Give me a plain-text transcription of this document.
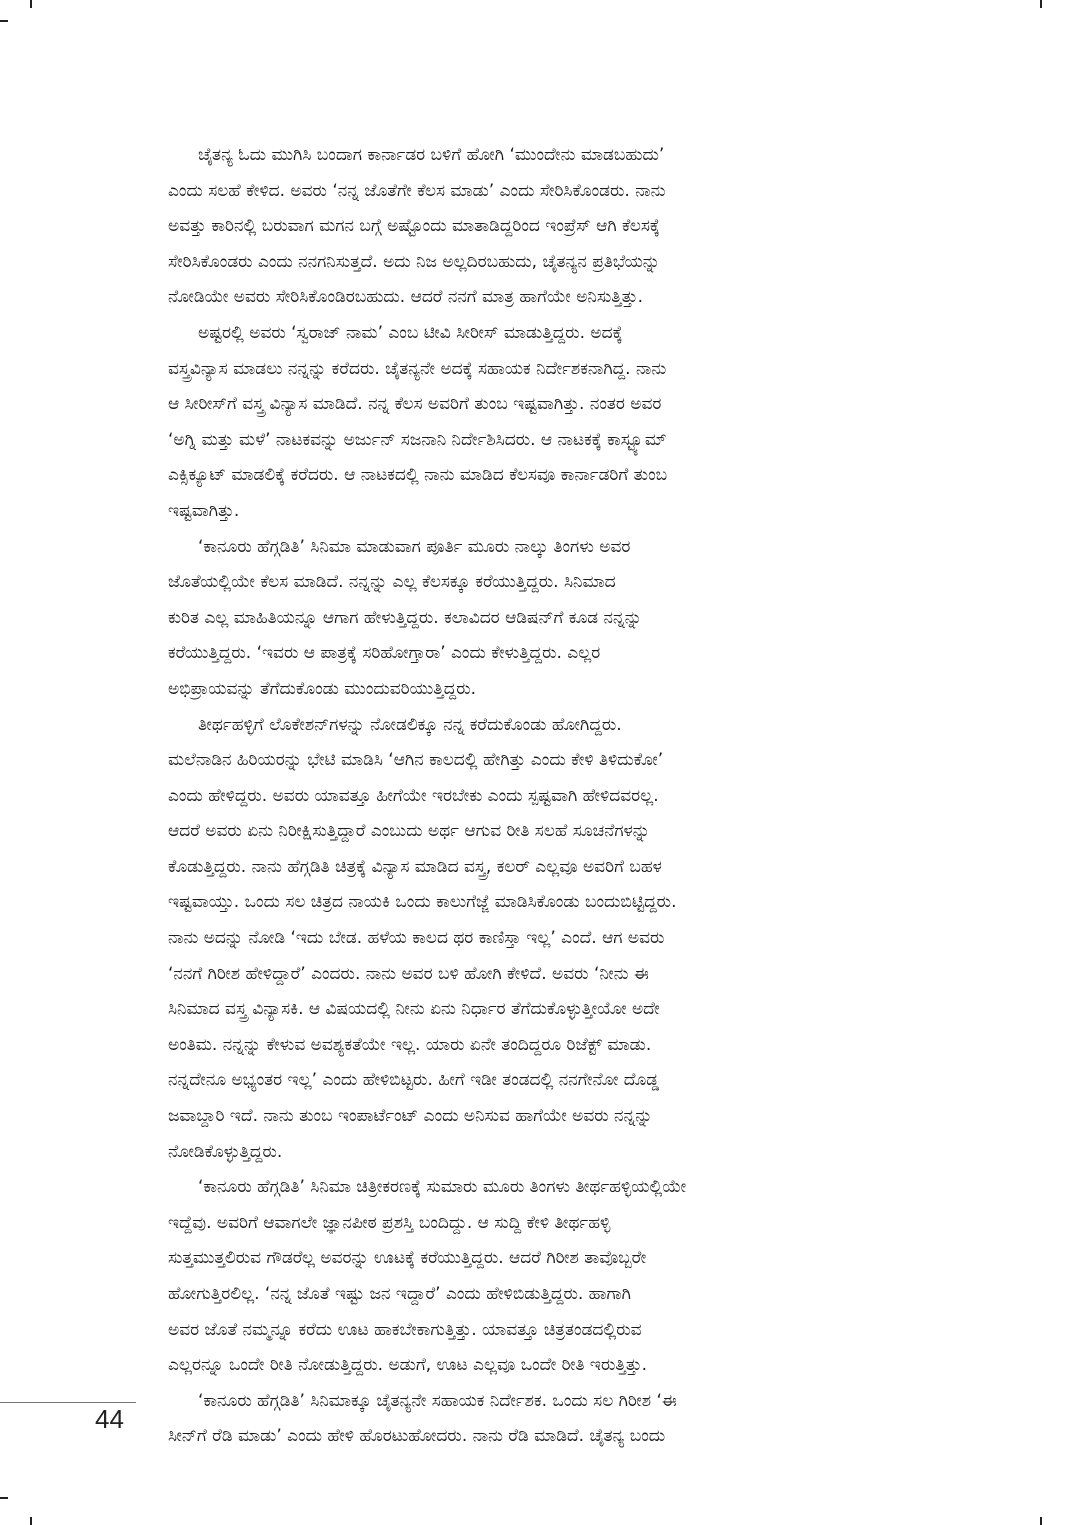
ಚೈತನ್ಯ ಓದು ಮುಗಿಸಿ ಬಂದಾಗ ಕಾರ್ನಾಡರ ಬಳಿಗೆ ಹೋಗಿ ‘ಮುಂದೇನು ಮಾಡಬಹುದು’
ಎಂದು ಸಲಹೆ ಕೇಳಿದ. ಅವರು ‘ನನ್ನ ಜೊತೆಗೇ ಕೆಲಸ ಮಾಡು’ ಎಂದು ಸೇರಿಸಿಕೊಂಡರು. ನಾನು
ಅವತ್ತು ಕಾರಿನಲ್ಲಿ ಬರುವಾಗ ಮಗನ ಬಗ್ಗೆ ಅಷ್ಟೊಂದು ಮಾತಾಡಿದ್ದರಿಂದ ಇಂಪ್ರೆಸ್ ಆಗಿ ಕೆಲಸಕ್ಕೆ
ಸೇರಿಸಿಕೊಂಡರು ಎಂದು ನನಗನಿಸುತ್ತದೆ. ಅದು ನಿಜ ಅಲ್ಲದಿರಬಹುದು, ಚೈತನ್ಯನ ಪ್ರತಿಭೆಯನ್ನು
ನೋಡಿಯೇ ಅವರು ಸೇರಿಸಿಕೊಂಡಿರಬಹುದು. ಆದರೆ ನನಗೆ ಮಾತ್ರ ಹಾಗೆಯೇ ಅನಿಸುತ್ತಿತ್ತು.

ಅಷ್ಟರಲ್ಲಿ ಅವರು ‘ಸ್ವರಾಜ್ ನಾಮ’ ಎಂಬ ಟೀವಿ ಸೀರೀಸ್ ಮಾಡುತ್ತಿದ್ದರು. ಅದಕ್ಕೆ
ವಸ್ತ್ರವಿನ್ಯಾಸ ಮಾಡಲು ನನ್ನನ್ನು ಕರೆದರು. ಚೈತನ್ಯನೇ ಅದಕ್ಕೆ ಸಹಾಯಕ ನಿರ್ದೇಶಕನಾಗಿದ್ದ. ನಾನು
ಆ ಸೀರೀಸ್‌ಗೆ ವಸ್ತ್ರ ವಿನ್ಯಾಸ ಮಾಡಿದೆ. ನನ್ನ ಕೆಲಸ ಅವರಿಗೆ ತುಂಬ ಇಷ್ಟವಾಗಿತ್ತು. ನಂತರ ಅವರ
‘ಅಗ್ನಿ ಮತ್ತು ಮಳೆ’ ನಾಟಕವನ್ನು ಅರ್ಜುನ್ ಸಜನಾನಿ ನಿರ್ದೇಶಿಸಿದರು. ಆ ನಾಟಕಕ್ಕೆ ಕಾಸ್ಟ್ಯೂಮ್
ಎಕ್ಸಿಕ್ಯೂಟ್ ಮಾಡಲಿಕ್ಕೆ ಕರೆದರು. ಆ ನಾಟಕದಲ್ಲಿ ನಾನು ಮಾಡಿದ ಕೆಲಸವೂ ಕಾರ್ನಾಡರಿಗೆ ತುಂಬ
ಇಷ್ಟವಾಗಿತ್ತು.

‘ಕಾನೂರು ಹೆಗ್ಗಡಿತಿ’ ಸಿನಿಮಾ ಮಾಡುವಾಗ ಪೂರ್ತಿ ಮೂರು ನಾಲ್ಕು ತಿಂಗಳು ಅವರ
ಜೊತೆಯಲ್ಲಿಯೇ ಕೆಲಸ ಮಾಡಿದೆ. ನನ್ನನ್ನು ಎಲ್ಲ ಕೆಲಸಕ್ಕೂ ಕರೆಯುತ್ತಿದ್ದರು. ಸಿನಿಮಾದ
ಕುರಿತ ಎಲ್ಲ ಮಾಹಿತಿಯನ್ನೂ ಆಗಾಗ ಹೇಳುತ್ತಿದ್ದರು. ಕಲಾವಿದರ ಆಡಿಷನ್‌ಗೆ ಕೂಡ ನನ್ನನ್ನು
ಕರೆಯುತ್ತಿದ್ದರು. ‘ಇವರು ಆ ಪಾತ್ರಕ್ಕೆ ಸರಿಹೋಗ್ತಾರಾ’ ಎಂದು ಕೇಳುತ್ತಿದ್ದರು. ಎಲ್ಲರ
ಅಭಿಪ್ರಾಯವನ್ನು ತೆಗೆದುಕೊಂಡು ಮುಂದುವರಿಯುತ್ತಿದ್ದರು.

ತೀರ್ಥಹಳ್ಳಿಗೆ ಲೊಕೇಶನ್‌ಗಳನ್ನು ನೋಡಲಿಕ್ಕೂ ನನ್ನ ಕರೆದುಕೊಂಡು ಹೋಗಿದ್ದರು.
ಮಲೆನಾಡಿನ ಹಿರಿಯರನ್ನು ಭೇಟಿ ಮಾಡಿಸಿ ‘ಆಗಿನ ಕಾಲದಲ್ಲಿ ಹೇಗಿತ್ತು ಎಂದು ಕೇಳಿ ತಿಳಿದುಕೋ’
ಎಂದು ಹೇಳಿದ್ದರು. ಅವರು ಯಾವತ್ತೂ ಹೀಗೆಯೇ ಇರಬೇಕು ಎಂದು ಸ್ಪಷ್ಟವಾಗಿ ಹೇಳಿದವರಲ್ಲ.
ಆದರೆ ಅವರು ಏನು ನಿರೀಕ್ಷಿಸುತ್ತಿದ್ದಾರೆ ಎಂಬುದು ಅರ್ಥ ಆಗುವ ರೀತಿ ಸಲಹೆ ಸೂಚನೆಗಳನ್ನು
ಕೊಡುತ್ತಿದ್ದರು. ನಾನು ಹೆಗ್ಗಡಿತಿ ಚಿತ್ರಕ್ಕೆ ವಿನ್ಯಾಸ ಮಾಡಿದ ವಸ್ತ್ರ, ಕಲರ್ ಎಲ್ಲವೂ ಅವರಿಗೆ ಬಹಳ
ಇಷ್ಟವಾಯ್ತು. ಒಂದು ಸಲ ಚಿತ್ರದ ನಾಯಕಿ ಒಂದು ಕಾಲುಗೆಜ್ಜೆ ಮಾಡಿಸಿಕೊಂಡು ಬಂದುಬಿಟ್ಟಿದ್ದರು.
ನಾನು ಅದನ್ನು ನೋಡಿ ‘ಇದು ಬೇಡ. ಹಳೆಯ ಕಾಲದ ಥರ ಕಾಣಿಸ್ತಾ ಇಲ್ಲ’ ಎಂದೆ. ಆಗ ಅವರು
‘ನನಗೆ ಗಿರೀಶ ಹೇಳಿದ್ದಾರೆ’ ಎಂದರು. ನಾನು ಅವರ ಬಳಿ ಹೋಗಿ ಕೇಳಿದೆ. ಅವರು ‘ನೀನು ಈ
ಸಿನಿಮಾದ ವಸ್ತ್ರ ವಿನ್ಯಾಸಕಿ. ಆ ವಿಷಯದಲ್ಲಿ ನೀನು ಏನು ನಿರ್ಧಾರ ತೆಗೆದುಕೊಳ್ಳುತ್ತೀಯೋ ಅದೇ
ಅಂತಿಮ. ನನ್ನನ್ನು ಕೇಳುವ ಅವಶ್ಯಕತೆಯೇ ಇಲ್ಲ. ಯಾರು ಏನೇ ತಂದಿದ್ದರೂ ರಿಜೆಕ್ಟ್ ಮಾಡು.
ನನ್ನದೇನೂ ಅಭ್ಯಂತರ ಇಲ್ಲ’ ಎಂದು ಹೇಳಿಬಿಟ್ಟರು. ಹೀಗೆ ಇಡೀ ತಂಡದಲ್ಲಿ ನನಗೇನೋ ದೊಡ್ಡ
ಜವಾಬ್ದಾರಿ ಇದೆ. ನಾನು ತುಂಬ ಇಂಪಾರ್ಟೆಂಟ್ ಎಂದು ಅನಿಸುವ ಹಾಗೆಯೇ ಅವರು ನನ್ನನ್ನು
ನೋಡಿಕೊಳ್ಳುತ್ತಿದ್ದರು.

‘ಕಾನೂರು ಹೆಗ್ಗಡಿತಿ’ ಸಿನಿಮಾ ಚಿತ್ರೀಕರಣಕ್ಕೆ ಸುಮಾರು ಮೂರು ತಿಂಗಳು ತೀರ್ಥಹಳ್ಳಿಯಲ್ಲಿಯೇ
ಇದ್ದೆವು. ಅವರಿಗೆ ಆವಾಗಲೇ ಜ್ಞಾನಪೀಠ ಪ್ರಶಸ್ತಿ ಬಂದಿದ್ದು. ಆ ಸುದ್ದಿ ಕೇಳಿ ತೀರ್ಥಹಳ್ಳಿ
ಸುತ್ತಮುತ್ತಲಿರುವ ಗೌಡರೆಲ್ಲ ಅವರನ್ನು ಊಟಕ್ಕೆ ಕರೆಯುತ್ತಿದ್ದರು. ಆದರೆ ಗಿರೀಶ ತಾವೊಬ್ಬರೇ
ಹೋಗುತ್ತಿರಲಿಲ್ಲ. ‘ನನ್ನ ಜೊತೆ ಇಷ್ಟು ಜನ ಇದ್ದಾರೆ’ ಎಂದು ಹೇಳಿಬಿಡುತ್ತಿದ್ದರು. ಹಾಗಾಗಿ
ಅವರ ಜೊತೆ ನಮ್ಮನ್ನೂ ಕರೆದು ಊಟ ಹಾಕಬೇಕಾಗುತ್ತಿತ್ತು. ಯಾವತ್ತೂ ಚಿತ್ರತಂಡದಲ್ಲಿರುವ
ಎಲ್ಲರನ್ನೂ ಒಂದೇ ರೀತಿ ನೋಡುತ್ತಿದ್ದರು. ಅಡುಗೆ, ಊಟ ಎಲ್ಲವೂ ಒಂದೇ ರೀತಿ ಇರುತ್ತಿತ್ತು.

‘ಕಾನೂರು ಹೆಗ್ಗಡಿತಿ’ ಸಿನಿಮಾಕ್ಕೂ ಚೈತನ್ಯನೇ ಸಹಾಯಕ ನಿರ್ದೇಶಕ. ಒಂದು ಸಲ ಗಿರೀಶ ‘ಈ
ಸೀನ್‌ಗೆ ರೆಡಿ ಮಾಡು’ ಎಂದು ಹೇಳಿ ಹೊರಟುಹೋದರು. ನಾನು ರೆಡಿ ಮಾಡಿದೆ. ಚೈತನ್ಯ ಬಂದು

44
